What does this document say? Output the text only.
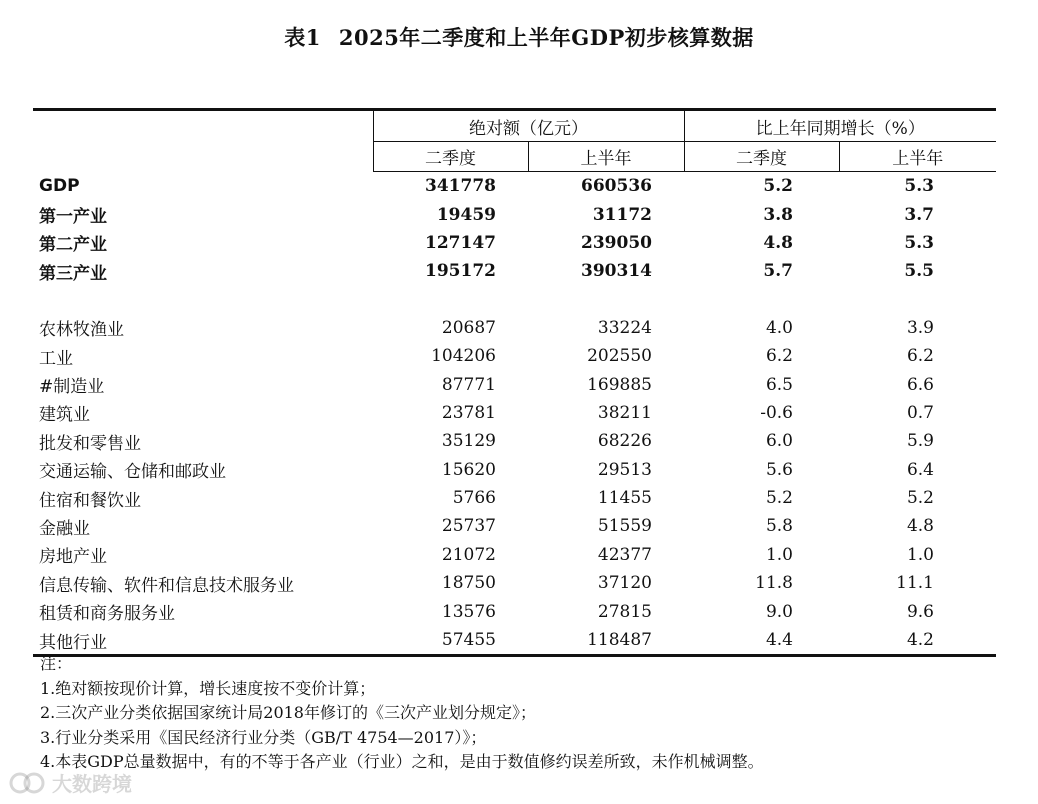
表1 2025年二季度和上半年GDP初步核算数据
	绝对额（亿元）		比上年同期增长（%）	
	二季度	上半年	二季度	上半年
GDP	341778	660536	5.2	5.3
第一产业	19459	31172	3.8	3.7
第二产业	127147	239050	4.8	5.3
第三产业	195172	390314	5.7	5.5

农林牧渔业	20687	33224	4.0	3.9
工业	104206	202550	6.2	6.2
#制造业	87771	169885	6.5	6.6
建筑业	23781	38211	-0.6	0.7
批发和零售业	35129	68226	6.0	5.9
交通运输、仓储和邮政业	15620	29513	5.6	6.4
住宿和餐饮业	5766	11455	5.2	5.2
金融业	25737	51559	5.8	4.8
房地产业	21072	42377	1.0	1.0
信息传输、软件和信息技术服务业	18750	37120	11.8	11.1
租赁和商务服务业	13576	27815	9.0	9.6
其他行业	57455	118487	4.4	4.2
注：
1.绝对额按现价计算，增长速度按不变价计算；
2.三次产业分类依据国家统计局2018年修订的《三次产业划分规定》；
3.行业分类采用《国民经济行业分类（GB/T 4754—2017）》；
4.本表GDP总量数据中，有的不等于各产业（行业）之和，是由于数值修约误差所致，未作机械调整。
大数跨境
